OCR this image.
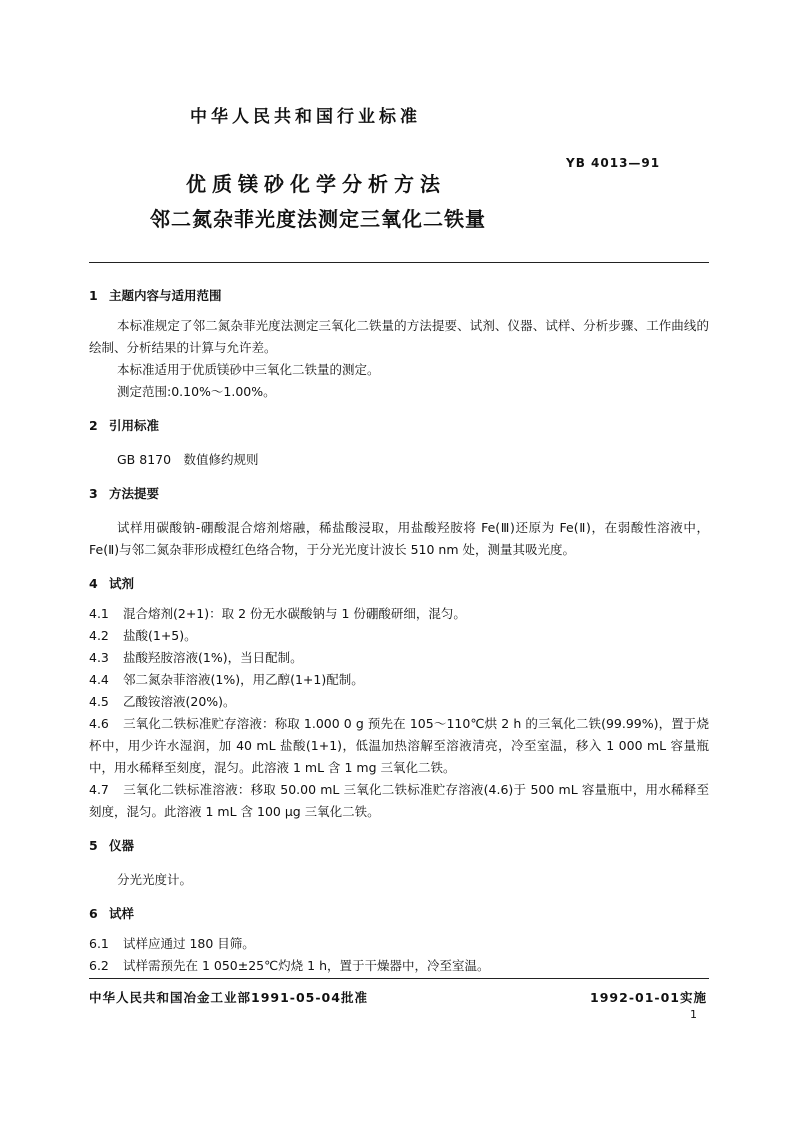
中华人民共和国行业标准
YB 4013—91
优质镁砂化学分析方法
邻二氮杂菲光度法测定三氧化二铁量

1 主题内容与适用范围

本标准规定了邻二氮杂菲光度法测定三氧化二铁量的方法提要、试剂、仪器、试样、分析步骤、工作曲线的绘制、分析结果的计算与允许差。

本标准适用于优质镁砂中三氧化二铁量的测定。

测定范围:0.10%～1.00%。

2 引用标准

GB 8170　数值修约规则

3 方法提要

试样用碳酸钠-硼酸混合熔剂熔融，稀盐酸浸取，用盐酸羟胺将 Fe(Ⅲ)还原为 Fe(Ⅱ)，在弱酸性溶液中，Fe(Ⅱ)与邻二氮杂菲形成橙红色络合物，于分光光度计波长 510 nm 处，测量其吸光度。

4 试剂

4.1 混合熔剂(2+1)：取 2 份无水碳酸钠与 1 份硼酸研细，混匀。

4.2 盐酸(1+5)。

4.3 盐酸羟胺溶液(1%)，当日配制。

4.4 邻二氮杂菲溶液(1%)，用乙醇(1+1)配制。

4.5 乙酸铵溶液(20%)。

4.6 三氧化二铁标准贮存溶液：称取 1.000 0 g 预先在 105～110℃烘 2 h 的三氧化二铁(99.99%)，置于烧杯中，用少许水湿润，加 40 mL 盐酸(1+1)，低温加热溶解至溶液清亮，冷至室温，移入 1 000 mL 容量瓶中，用水稀释至刻度，混匀。此溶液 1 mL 含 1 mg 三氧化二铁。

4.7 三氧化二铁标准溶液：移取 50.00 mL 三氧化二铁标准贮存溶液(4.6)于 500 mL 容量瓶中，用水稀释至刻度，混匀。此溶液 1 mL 含 100 μg 三氧化二铁。

5 仪器

分光光度计。

6 试样

6.1 试样应通过 180 目筛。

6.2 试样需预先在 1 050±25℃灼烧 1 h，置于干燥器中，冷至室温。

中华人民共和国冶金工业部1991-05-04批准	1992-01-01实施
1
